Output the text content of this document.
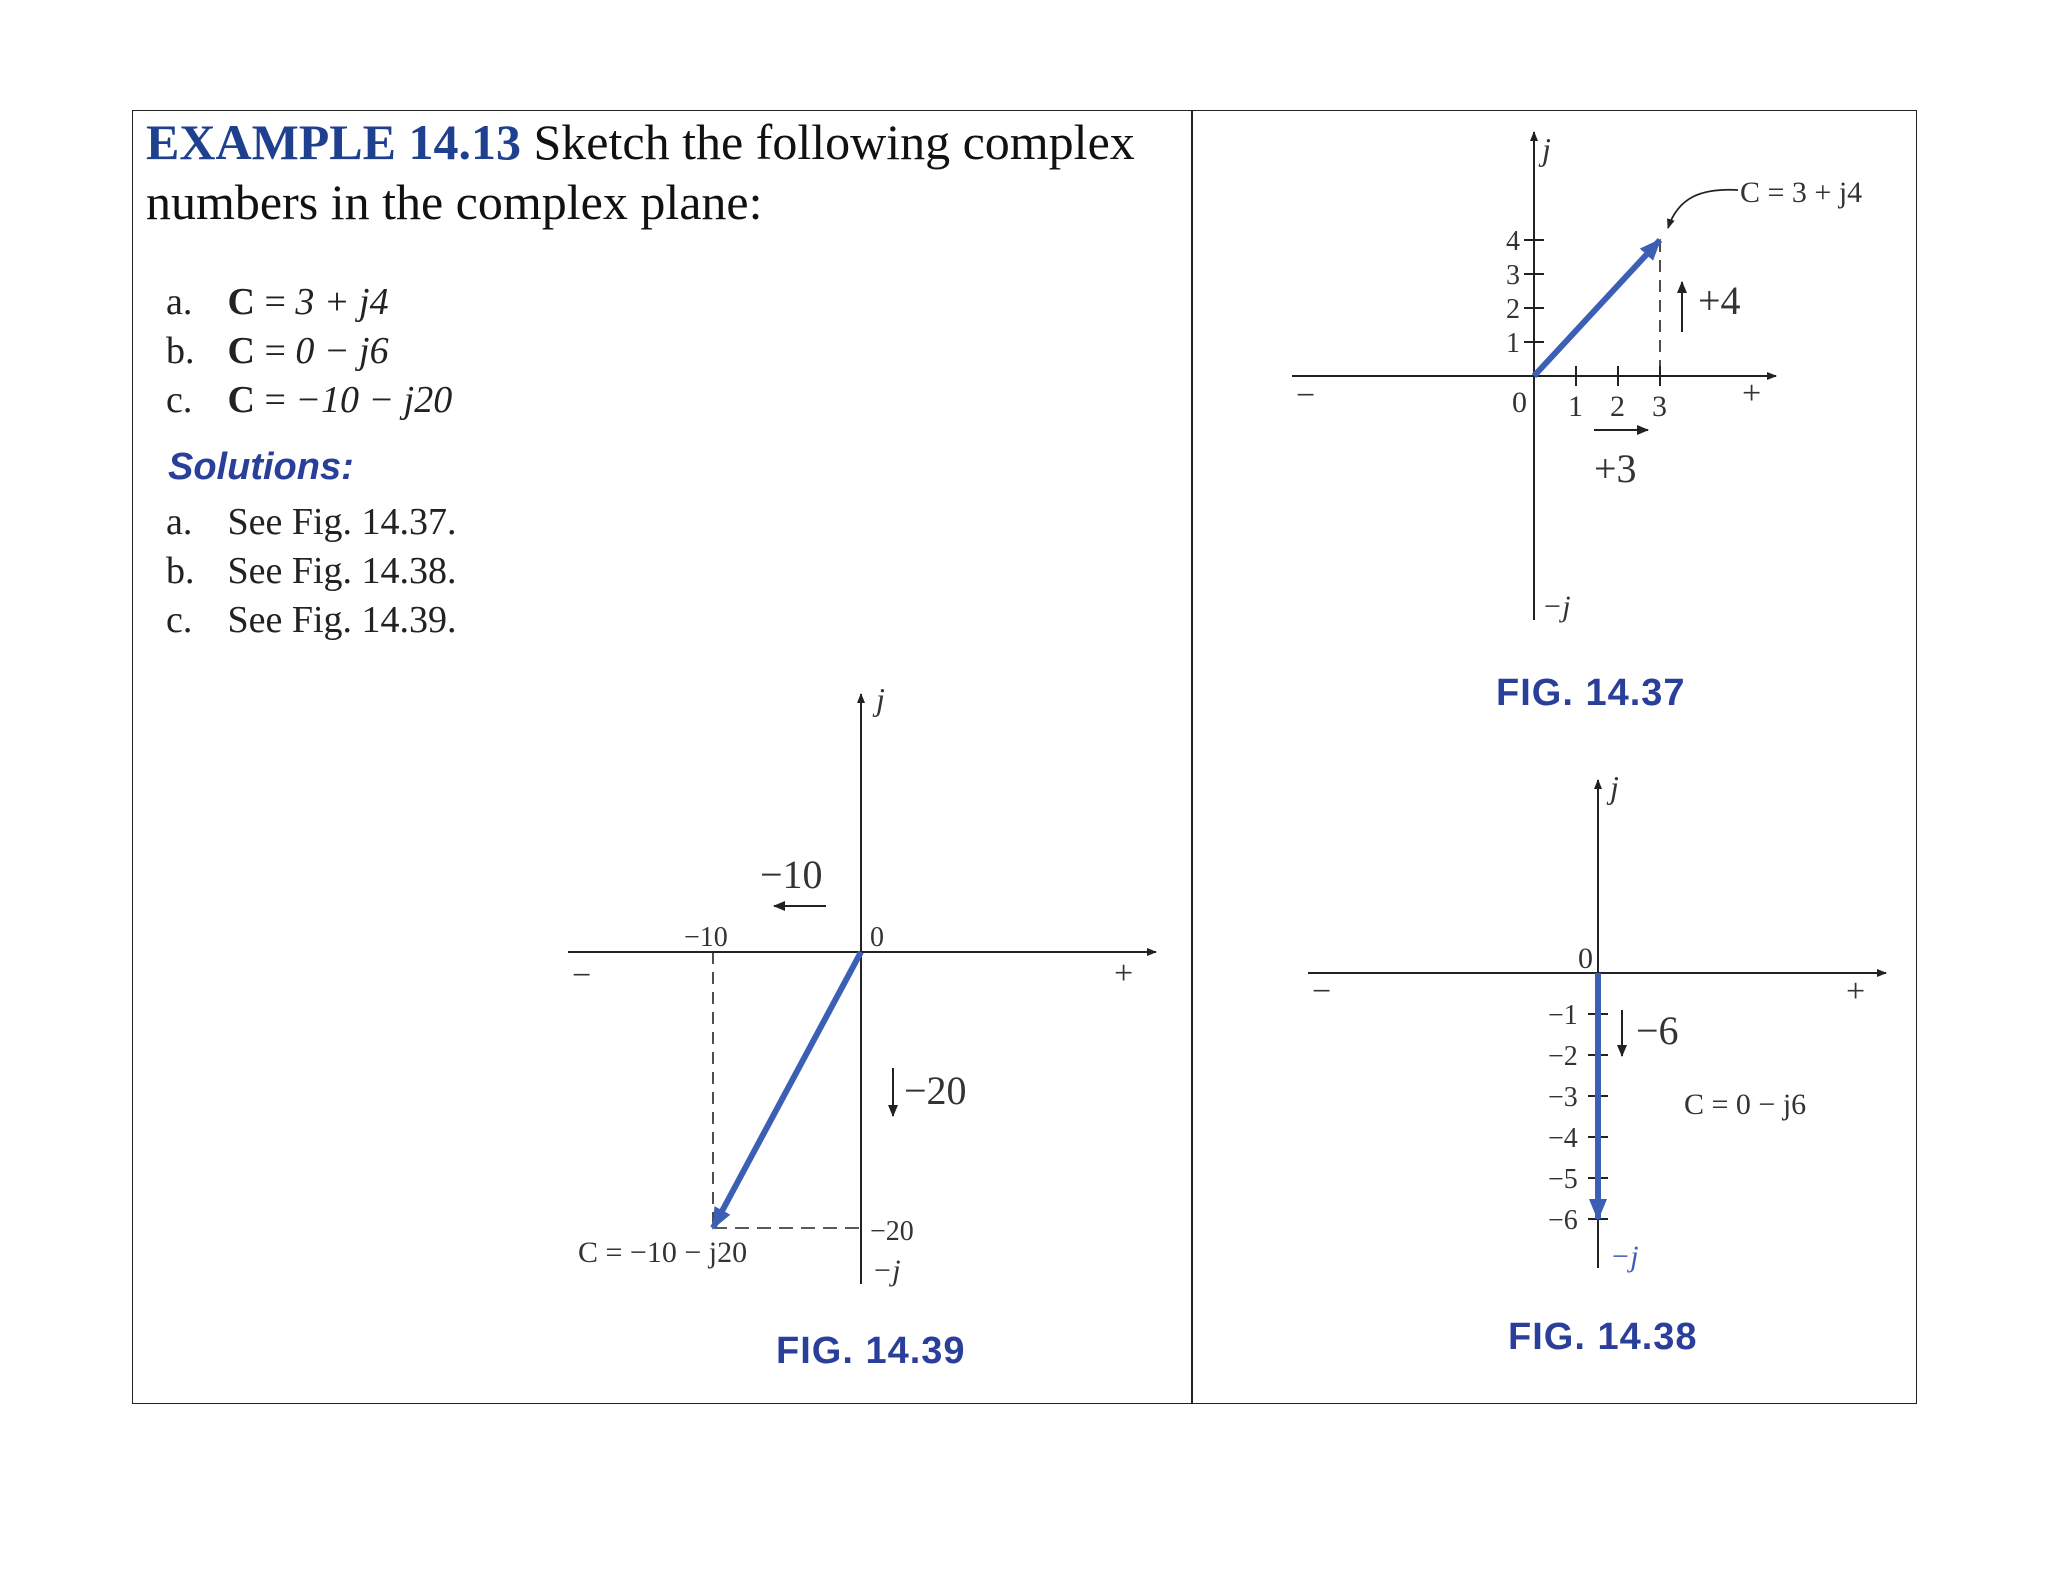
EXAMPLE 14.13 Sketch the following complex
numbers in the complex plane:
a. C = 3 + j4
b. C = 0 − j6
c. C = −10 − j20
Solutions:
a. See Fig. 14.37.
b. See Fig. 14.38.
c. See Fig. 14.39.
j
−j
−	+
0 1 2 3
1
2
3
4
C = 3 + j4
+4
+3
j
−j
−	+
0
−1
−2
−3
−4
−5
−6
−6
C = 0 − j6
j
−j
−	+
0
−10
−20
−10
−20
C = −10 − j20
FIG. 14.37
FIG. 14.38
FIG. 14.39
